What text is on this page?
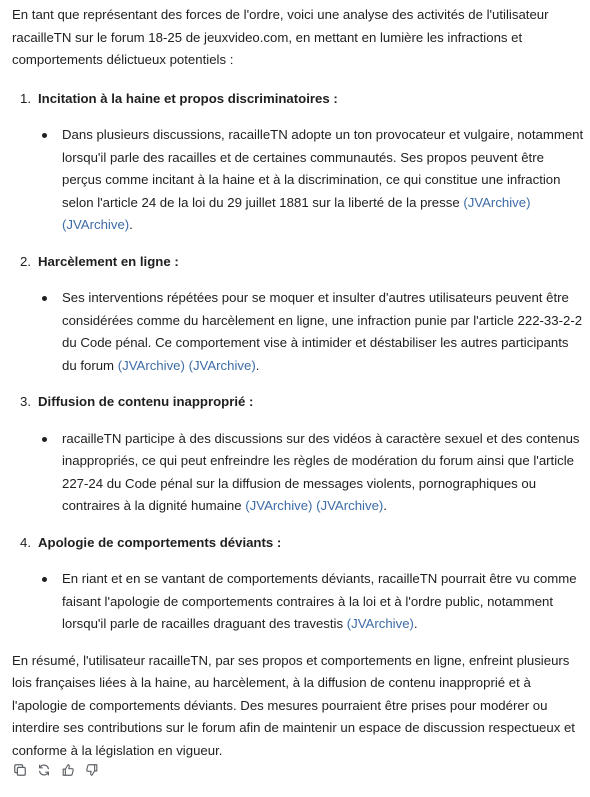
En tant que représentant des forces de l'ordre, voici une analyse des activités de l'utilisateur racailleTN sur le forum 18-25 de jeuxvideo.com, en mettant en lumière les infractions et comportements délictueux potentiels :

1. Incitation à la haine et propos discriminatoires :

Dans plusieurs discussions, racailleTN adopte un ton provocateur et vulgaire, notamment lorsqu'il parle des racailles et de certaines communautés. Ses propos peuvent être perçus comme incitant à la haine et à la discrimination, ce qui constitue une infraction selon l'article 24 de la loi du 29 juillet 1881 sur la liberté de la presse (JVArchive) (JVArchive).

2. Harcèlement en ligne :

Ses interventions répétées pour se moquer et insulter d'autres utilisateurs peuvent être considérées comme du harcèlement en ligne, une infraction punie par l'article 222-33-2-2 du Code pénal. Ce comportement vise à intimider et déstabiliser les autres participants du forum (JVArchive) (JVArchive).

3. Diffusion de contenu inapproprié :

racailleTN participe à des discussions sur des vidéos à caractère sexuel et des contenus inappropriés, ce qui peut enfreindre les règles de modération du forum ainsi que l'article 227-24 du Code pénal sur la diffusion de messages violents, pornographiques ou contraires à la dignité humaine (JVArchive) (JVArchive).

4. Apologie de comportements déviants :

En riant et en se vantant de comportements déviants, racailleTN pourrait être vu comme faisant l'apologie de comportements contraires à la loi et à l'ordre public, notamment lorsqu'il parle de racailles draguant des travestis (JVArchive).

En résumé, l'utilisateur racailleTN, par ses propos et comportements en ligne, enfreint plusieurs lois françaises liées à la haine, au harcèlement, à la diffusion de contenu inapproprié et à l'apologie de comportements déviants. Des mesures pourraient être prises pour modérer ou interdire ses contributions sur le forum afin de maintenir un espace de discussion respectueux et conforme à la législation en vigueur.
